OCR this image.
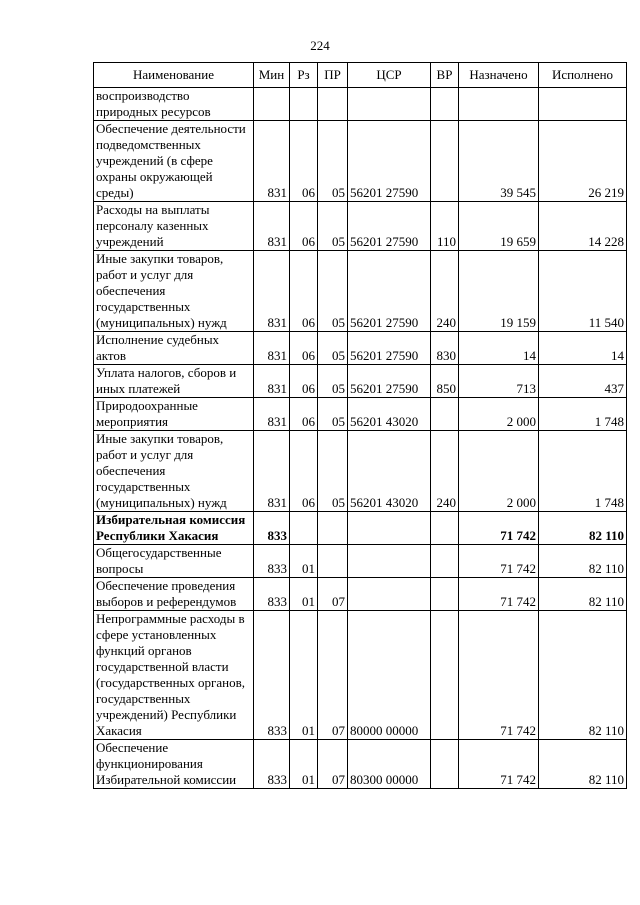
224
Наименование	Мин	Рз	ПР	ЦСР	ВР	Назначено	Исполнено
воспроизводство природных ресурсов							
Обеспечение деятельности подведомственных учреждений (в сфере охраны окружающей среды)	831	06	05	56201 27590		39 545	26 219
Расходы на выплаты персоналу казенных учреждений	831	06	05	56201 27590	110	19 659	14 228
Иные закупки товаров, работ и услуг для обеспечения государственных (муниципальных) нужд	831	06	05	56201 27590	240	19 159	11 540
Исполнение судебных актов	831	06	05	56201 27590	830	14	14
Уплата налогов, сборов и иных платежей	831	06	05	56201 27590	850	713	437
Природоохранные мероприятия	831	06	05	56201 43020		2 000	1 748
Иные закупки товаров, работ и услуг для обеспечения государственных (муниципальных) нужд	831	06	05	56201 43020	240	2 000	1 748
Избирательная комиссия Республики Хакасия	833					71 742	82 110
Общегосударственные вопросы	833	01				71 742	82 110
Обеспечение проведения выборов и референдумов	833	01	07			71 742	82 110
Непрограммные расходы в сфере установленных функций органов государственной власти (государственных органов, государственных учреждений) Республики Хакасия	833	01	07	80000 00000		71 742	82 110
Обеспечение функционирования Избирательной комиссии	833	01	07	80300 00000		71 742	82 110
